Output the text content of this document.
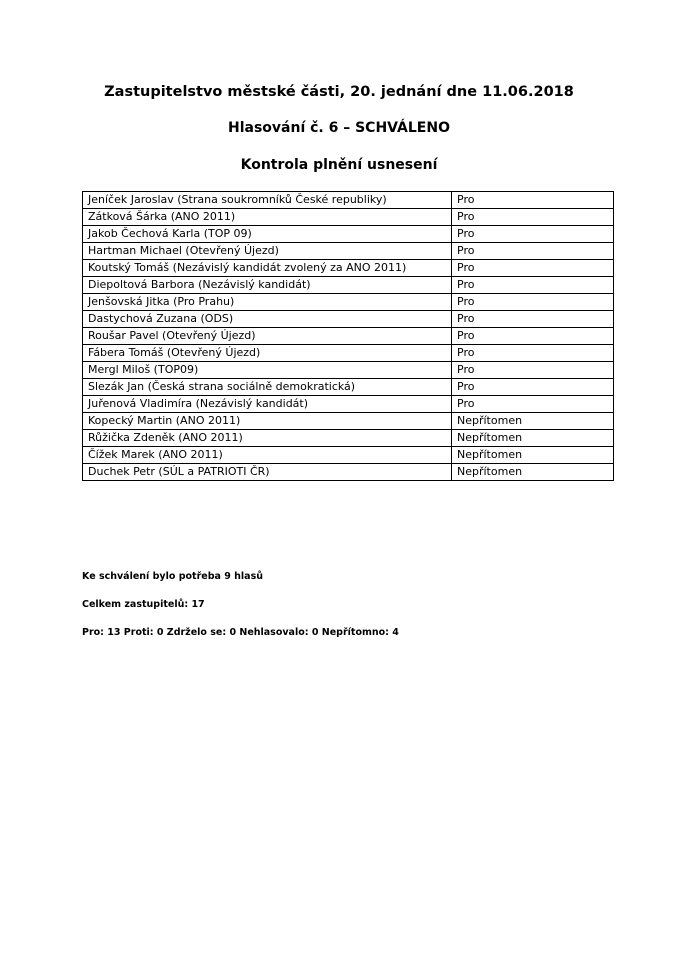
Zastupitelstvo městské části, 20. jednání dne 11.06.2018
Hlasování č. 6 – SCHVÁLENO
Kontrola plnění usnesení
Jeníček Jaroslav (Strana soukromníků České republiky)	Pro
Zátková Šárka (ANO 2011)	Pro
Jakob Čechová Karla (TOP 09)	Pro
Hartman Michael (Otevřený Újezd)	Pro
Koutský Tomáš (Nezávislý kandidát zvolený za ANO 2011)	Pro
Diepoltová Barbora (Nezávislý kandidát)	Pro
Jenšovská Jitka (Pro Prahu)	Pro
Dastychová Zuzana (ODS)	Pro
Roušar Pavel (Otevřený Újezd)	Pro
Fábera Tomáš (Otevřený Újezd)	Pro
Mergl Miloš (TOP09)	Pro
Slezák Jan (Česká strana sociálně demokratická)	Pro
Juřenová Vladimíra (Nezávislý kandidát)	Pro
Kopecký Martin (ANO 2011)	Nepřítomen
Růžička Zdeněk (ANO 2011)	Nepřítomen
Čížek Marek (ANO 2011)	Nepřítomen
Duchek Petr (SÚL a PATRIOTI ČR)	Nepřítomen
Ke schválení bylo potřeba 9 hlasů
Celkem zastupitelů: 17
Pro: 13 Proti: 0 Zdrželo se: 0 Nehlasovalo: 0 Nepřítomno: 4
